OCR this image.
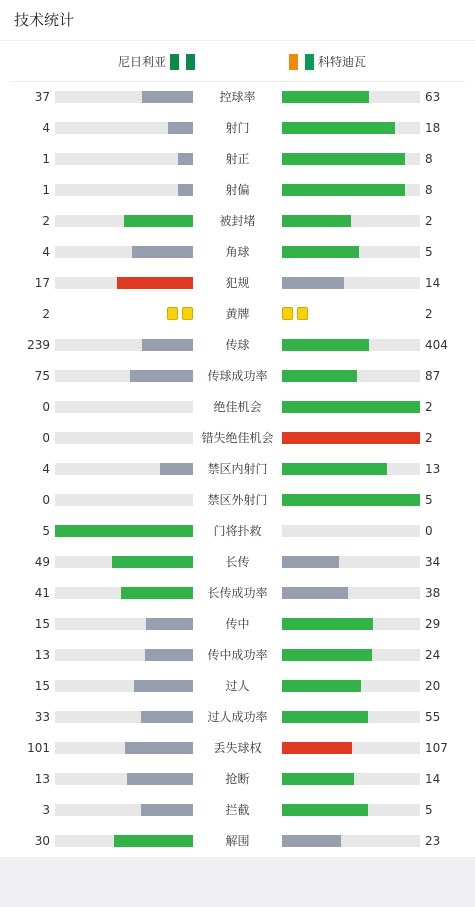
技术统计
尼日利亚	科特迪瓦
37	控球率	63
4	射门	18
1	射正	8
1	射偏	8
2	被封堵	2
4	角球	5
17	犯规	14
2	黄牌	2
239	传球	404
75	传球成功率	87
0	绝佳机会	2
0	错失绝佳机会	2
4	禁区内射门	13
0	禁区外射门	5
5	门将扑救	0
49	长传	34
41	长传成功率	38
15	传中	29
13	传中成功率	24
15	过人	20
33	过人成功率	55
101	丢失球权	107
13	抢断	14
3	拦截	5
30	解围	23
